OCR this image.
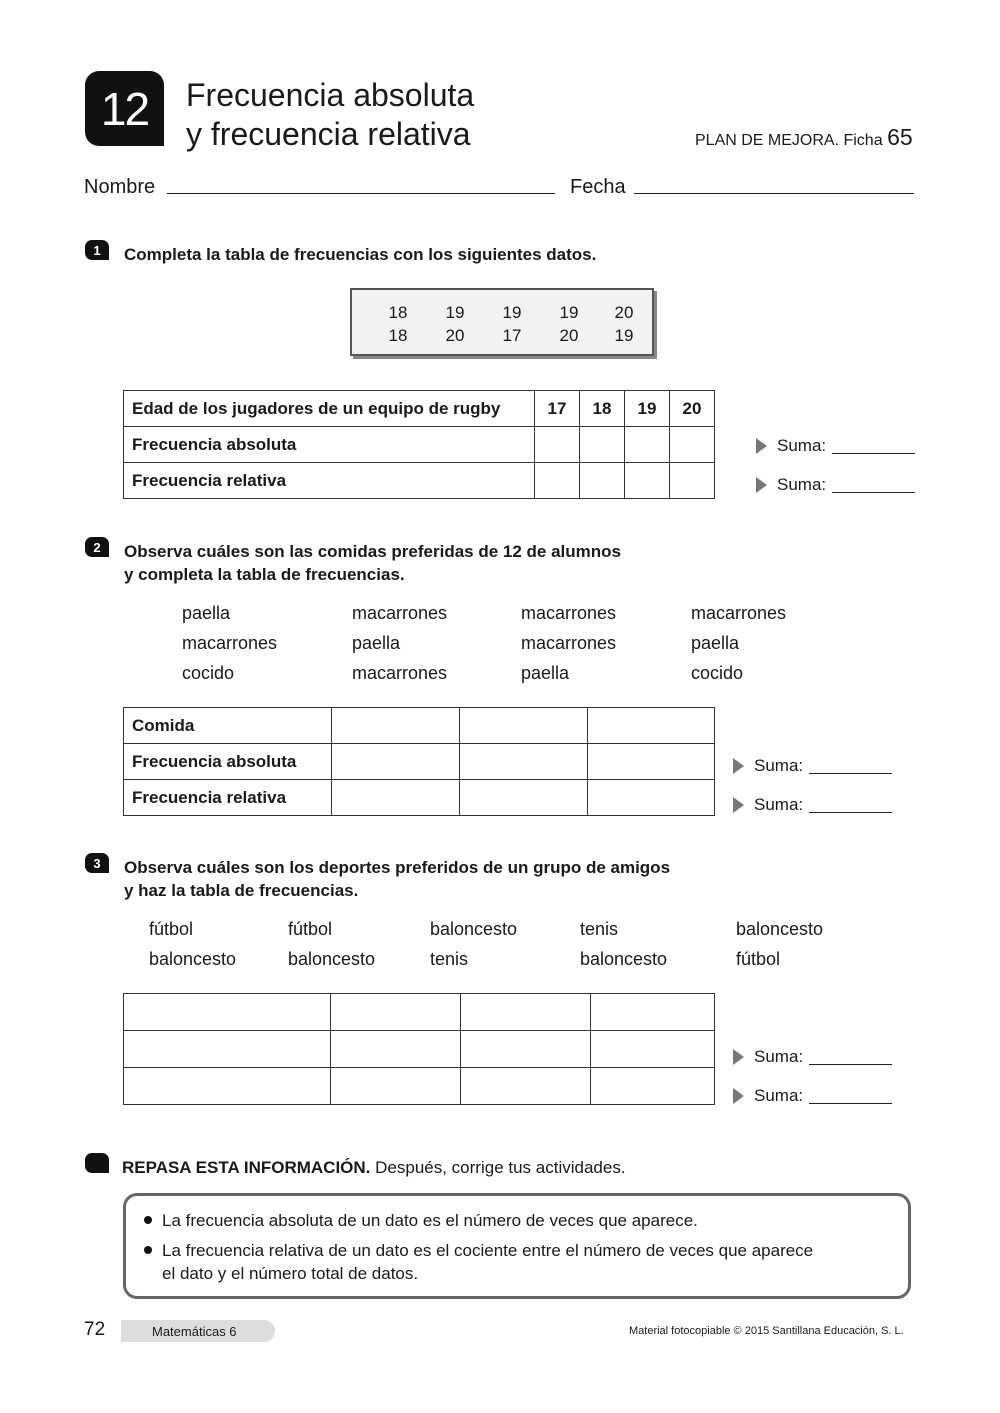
12	Frecuencia absoluta
y frecuencia relativa	PLAN DE MEJORA. Ficha 65
Nombre	Fecha
1	Completa la tabla de frecuencias con los siguientes datos.
18	19	19	19	20
18	20	17	20	19
Edad de los jugadores de un equipo de rugby	17	18	19	20
Frecuencia absoluta				
Frecuencia relativa				
Suma:
Suma:
2	Observa cuáles son las comidas preferidas de 12 de alumnos
y completa la tabla de frecuencias.
paella	macarrones	macarrones	macarrones
macarrones	paella	macarrones	paella
cocido	macarrones	paella	cocido
Comida			
Frecuencia absoluta			
Frecuencia relativa			
Suma:
Suma:
3	Observa cuáles son los deportes preferidos de un grupo de amigos
y haz la tabla de frecuencias.
fútbol	fútbol	baloncesto	tenis	baloncesto
baloncesto	baloncesto	tenis	baloncesto	fútbol

Suma:
Suma:
REPASA ESTA INFORMACIÓN. Después, corrige tus actividades.
La frecuencia absoluta de un dato es el número de veces que aparece.
La frecuencia relativa de un dato es el cociente entre el número de veces que aparece
el dato y el número total de datos.
72	Matemáticas 6	Material fotocopiable © 2015 Santillana Educación, S. L.
